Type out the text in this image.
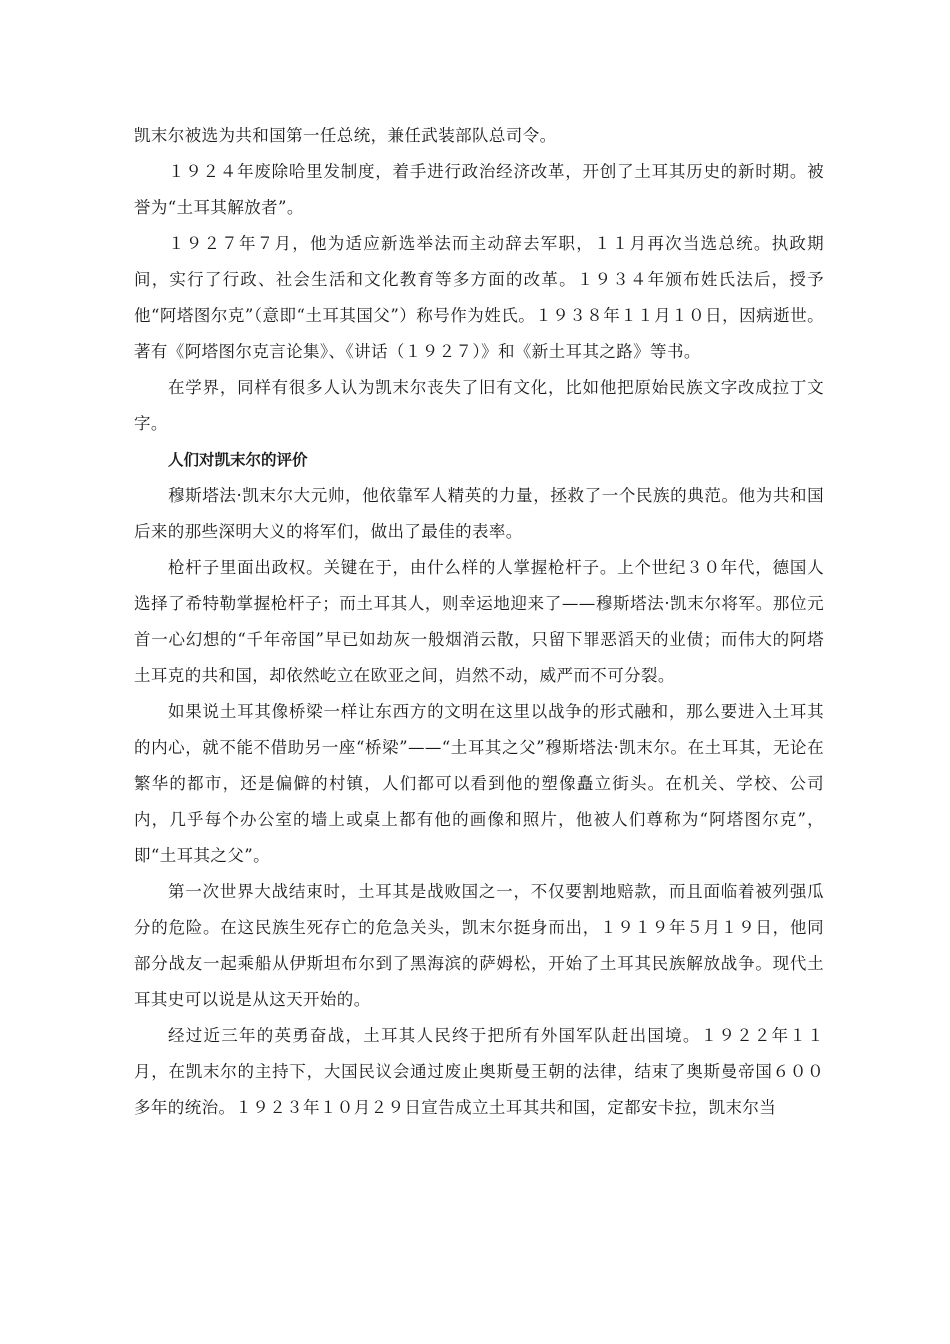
凯末尔被选为共和国第一任总统，兼任武装部队总司令。

１９２４年废除哈里发制度，着手进行政治经济改革，开创了土耳其历史的新时期。被誉为“土耳其解放者”。

１９２７年７月，他为适应新选举法而主动辞去军职，１１月再次当选总统。执政期间，实行了行政、社会生活和文化教育等多方面的改革。１９３４年颁布姓氏法后，授予他“阿塔图尔克”（意即“土耳其国父”）称号作为姓氏。１９３８年１１月１０日，因病逝世。著有《阿塔图尔克言论集》、《讲话（１９２７）》和《新土耳其之路》等书。

在学界，同样有很多人认为凯末尔丧失了旧有文化，比如他把原始民族文字改成拉丁文字。

人们对凯末尔的评价

穆斯塔法·凯末尔大元帅，他依靠军人精英的力量，拯救了一个民族的典范。他为共和国后来的那些深明大义的将军们，做出了最佳的表率。

枪杆子里面出政权。关键在于，由什么样的人掌握枪杆子。上个世纪３０年代，德国人选择了希特勒掌握枪杆子；而土耳其人，则幸运地迎来了——穆斯塔法·凯末尔将军。那位元首一心幻想的“千年帝国”早已如劫灰一般烟消云散，只留下罪恶滔天的业债；而伟大的阿塔土耳克的共和国，却依然屹立在欧亚之间，岿然不动，威严而不可分裂。

如果说土耳其像桥梁一样让东西方的文明在这里以战争的形式融和，那么要进入土耳其的内心，就不能不借助另一座“桥梁”——“土耳其之父”穆斯塔法·凯末尔。在土耳其，无论在繁华的都市，还是偏僻的村镇，人们都可以看到他的塑像矗立街头。在机关、学校、公司内，几乎每个办公室的墙上或桌上都有他的画像和照片，他被人们尊称为“阿塔图尔克”，即“土耳其之父”。

第一次世界大战结束时，土耳其是战败国之一，不仅要割地赔款，而且面临着被列强瓜分的危险。在这民族生死存亡的危急关头，凯末尔挺身而出，１９１９年５月１９日，他同部分战友一起乘船从伊斯坦布尔到了黑海滨的萨姆松，开始了土耳其民族解放战争。现代土耳其史可以说是从这天开始的。

经过近三年的英勇奋战，土耳其人民终于把所有外国军队赶出国境。１９２２年１１月，在凯末尔的主持下，大国民议会通过废止奥斯曼王朝的法律，结束了奥斯曼帝国６００多年的统治。１９２３年１０月２９日宣告成立土耳其共和国，定都安卡拉，凯末尔当
